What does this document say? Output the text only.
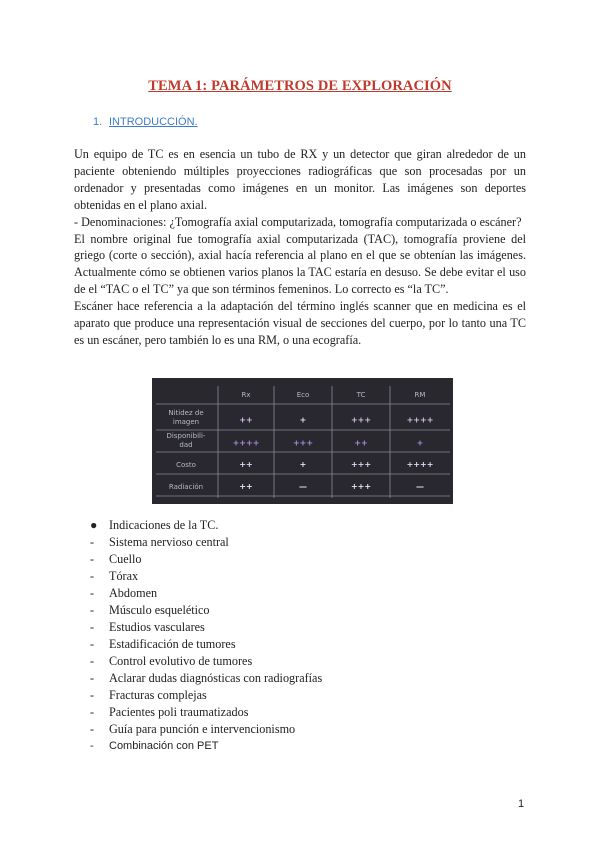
TEMA 1: PARÁMETROS DE EXPLORACIÓN
1. INTRODUCCIÓN.

Un equipo de TC es en esencia un tubo de RX y un detector que giran alrededor de un paciente obteniendo múltiples proyecciones radiográficas que son procesadas por un ordenador y presentadas como imágenes en un monitor. Las imágenes son deportes obtenidas en el plano axial.

- Denominaciones: ¿Tomografía axial computarizada, tomografía computarizada o escáner?

El nombre original fue tomografía axial computarizada (TAC), tomografía proviene del griego (corte o sección), axial hacía referencia al plano en el que se obtenían las imágenes. Actualmente cómo se obtienen varios planos la TAC estaría en desuso. Se debe evitar el uso de el “TAC o el TC” ya que son términos femeninos. Lo correcto es “la TC”.

Escáner hace referencia a la adaptación del término inglés scanner que en medicina es el aparato que produce una representación visual de secciones del cuerpo, por lo tanto una TC es un escáner, pero también lo es una RM, o una ecografía.

Rx	Eco	TC	RM
Nitidez de
imagen	++	+	+++	++++
Disponibili-
dad	++++	+++	++	+
Costo	++	+	+++	++++
Radiación	++	—	+++	—
● Indicaciones de la TC.
- Sistema nervioso central
- Cuello
- Tórax
- Abdomen
- Músculo esquelético
- Estudios vasculares
- Estadificación de tumores
- Control evolutivo de tumores
- Aclarar dudas diagnósticas con radiografías
- Fracturas complejas
- Pacientes poli traumatizados
- Guía para punción e intervencionismo
- Combinación con PET
1
